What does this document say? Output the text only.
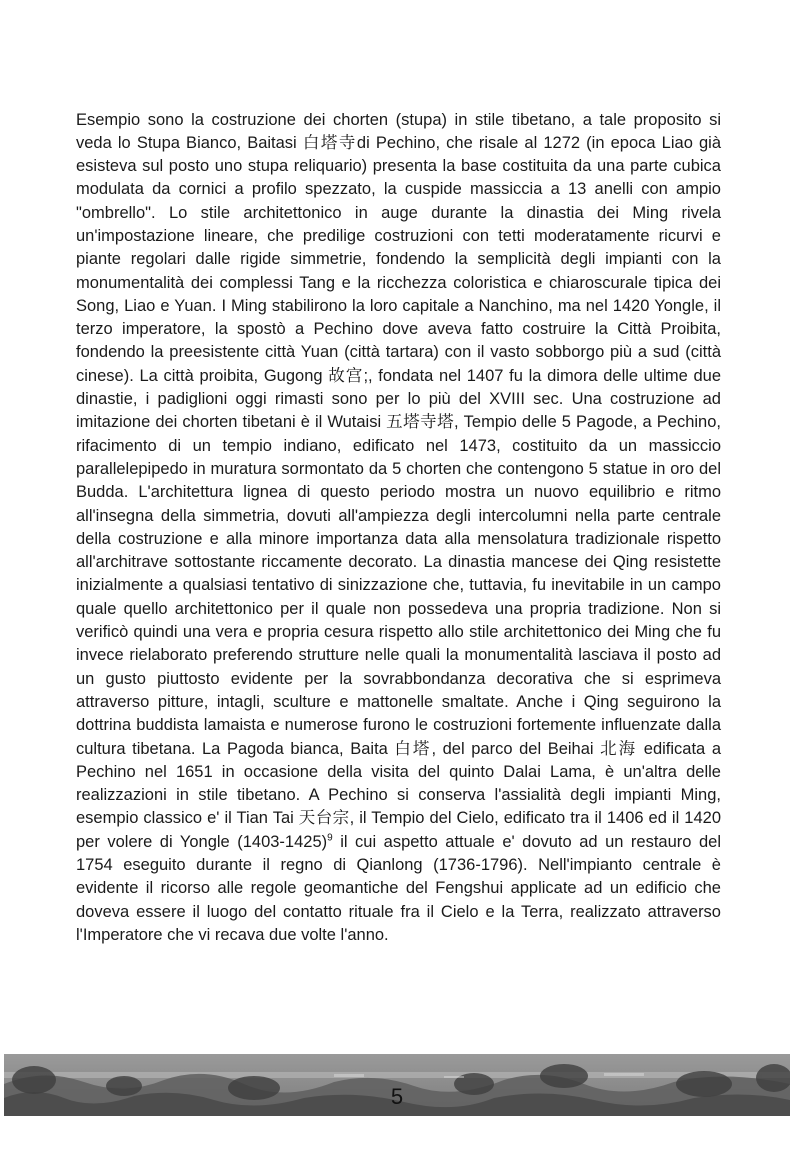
Esempio sono la costruzione dei chorten (stupa) in stile tibetano, a tale proposito si veda lo Stupa Bianco, Baitasi 白塔寺di Pechino, che risale al 1272 (in epoca Liao già esisteva sul posto uno stupa reliquario) presenta la base costituita da una parte cubica modulata da cornici a profilo spezzato, la cuspide massiccia a 13 anelli con ampio "ombrello". Lo stile architettonico in auge durante la dinastia dei Ming rivela un'impostazione lineare, che predilige costruzioni con tetti moderatamente ricurvi e piante regolari dalle rigide simmetrie, fondendo la semplicità degli impianti con la monumentalità dei complessi Tang e la ricchezza coloristica e chiaroscurale tipica dei Song, Liao e Yuan. I Ming stabilirono la loro capitale a Nanchino, ma nel 1420 Yongle, il terzo imperatore, la spostò a Pechino dove aveva fatto costruire la Città Proibita, fondendo la preesistente città Yuan (città tartara) con il vasto sobborgo più a sud (città cinese). La città proibita, Gugong 故宫;, fondata nel 1407 fu la dimora delle ultime due dinastie, i padiglioni oggi rimasti sono per lo più del XVIII sec. Una costruzione ad imitazione dei chorten tibetani è il Wutaisi 五塔寺塔, Tempio delle 5 Pagode, a Pechino, rifacimento di un tempio indiano, edificato nel 1473, costituito da un massiccio parallelepipedo in muratura sormontato da 5 chorten che contengono 5 statue in oro del Budda. L'architettura lignea di questo periodo mostra un nuovo equilibrio e ritmo all'insegna della simmetria, dovuti all'ampiezza degli intercolumni nella parte centrale della costruzione e alla minore importanza data alla mensolatura tradizionale rispetto all'architrave sottostante riccamente decorato. La dinastia mancese dei Qing resistette inizialmente a qualsiasi tentativo di sinizzazione che, tuttavia, fu inevitabile in un campo quale quello architettonico per il quale non possedeva una propria tradizione. Non si verificò quindi una vera e propria cesura rispetto allo stile architettonico dei Ming che fu invece rielaborato preferendo strutture nelle quali la monumentalità lasciava il posto ad un gusto piuttosto evidente per la sovrabbondanza decorativa che si esprimeva attraverso pitture, intagli, sculture e mattonelle smaltate. Anche i Qing seguirono la dottrina buddista lamaista e numerose furono le costruzioni fortemente influenzate dalla cultura tibetana. La Pagoda bianca, Baita 白塔, del parco del Beihai 北海 edificata a Pechino nel 1651 in occasione della visita del quinto Dalai Lama, è un'altra delle realizzazioni in stile tibetano. A Pechino si conserva l'assialità degli impianti Ming, esempio classico e' il Tian Tai 天台宗, il Tempio del Cielo, edificato tra il 1406 ed il 1420 per volere di Yongle (1403-1425)$^9$ il cui aspetto attuale e' dovuto ad un restauro del 1754 eseguito durante il regno di Qianlong (1736-1796). Nell'impianto centrale è evidente il ricorso alle regole geomantiche del Fengshui applicate ad un edificio che doveva essere il luogo del contatto rituale fra il Cielo e la Terra, realizzato attraverso l'Imperatore che vi recava due volte l'anno.

5
